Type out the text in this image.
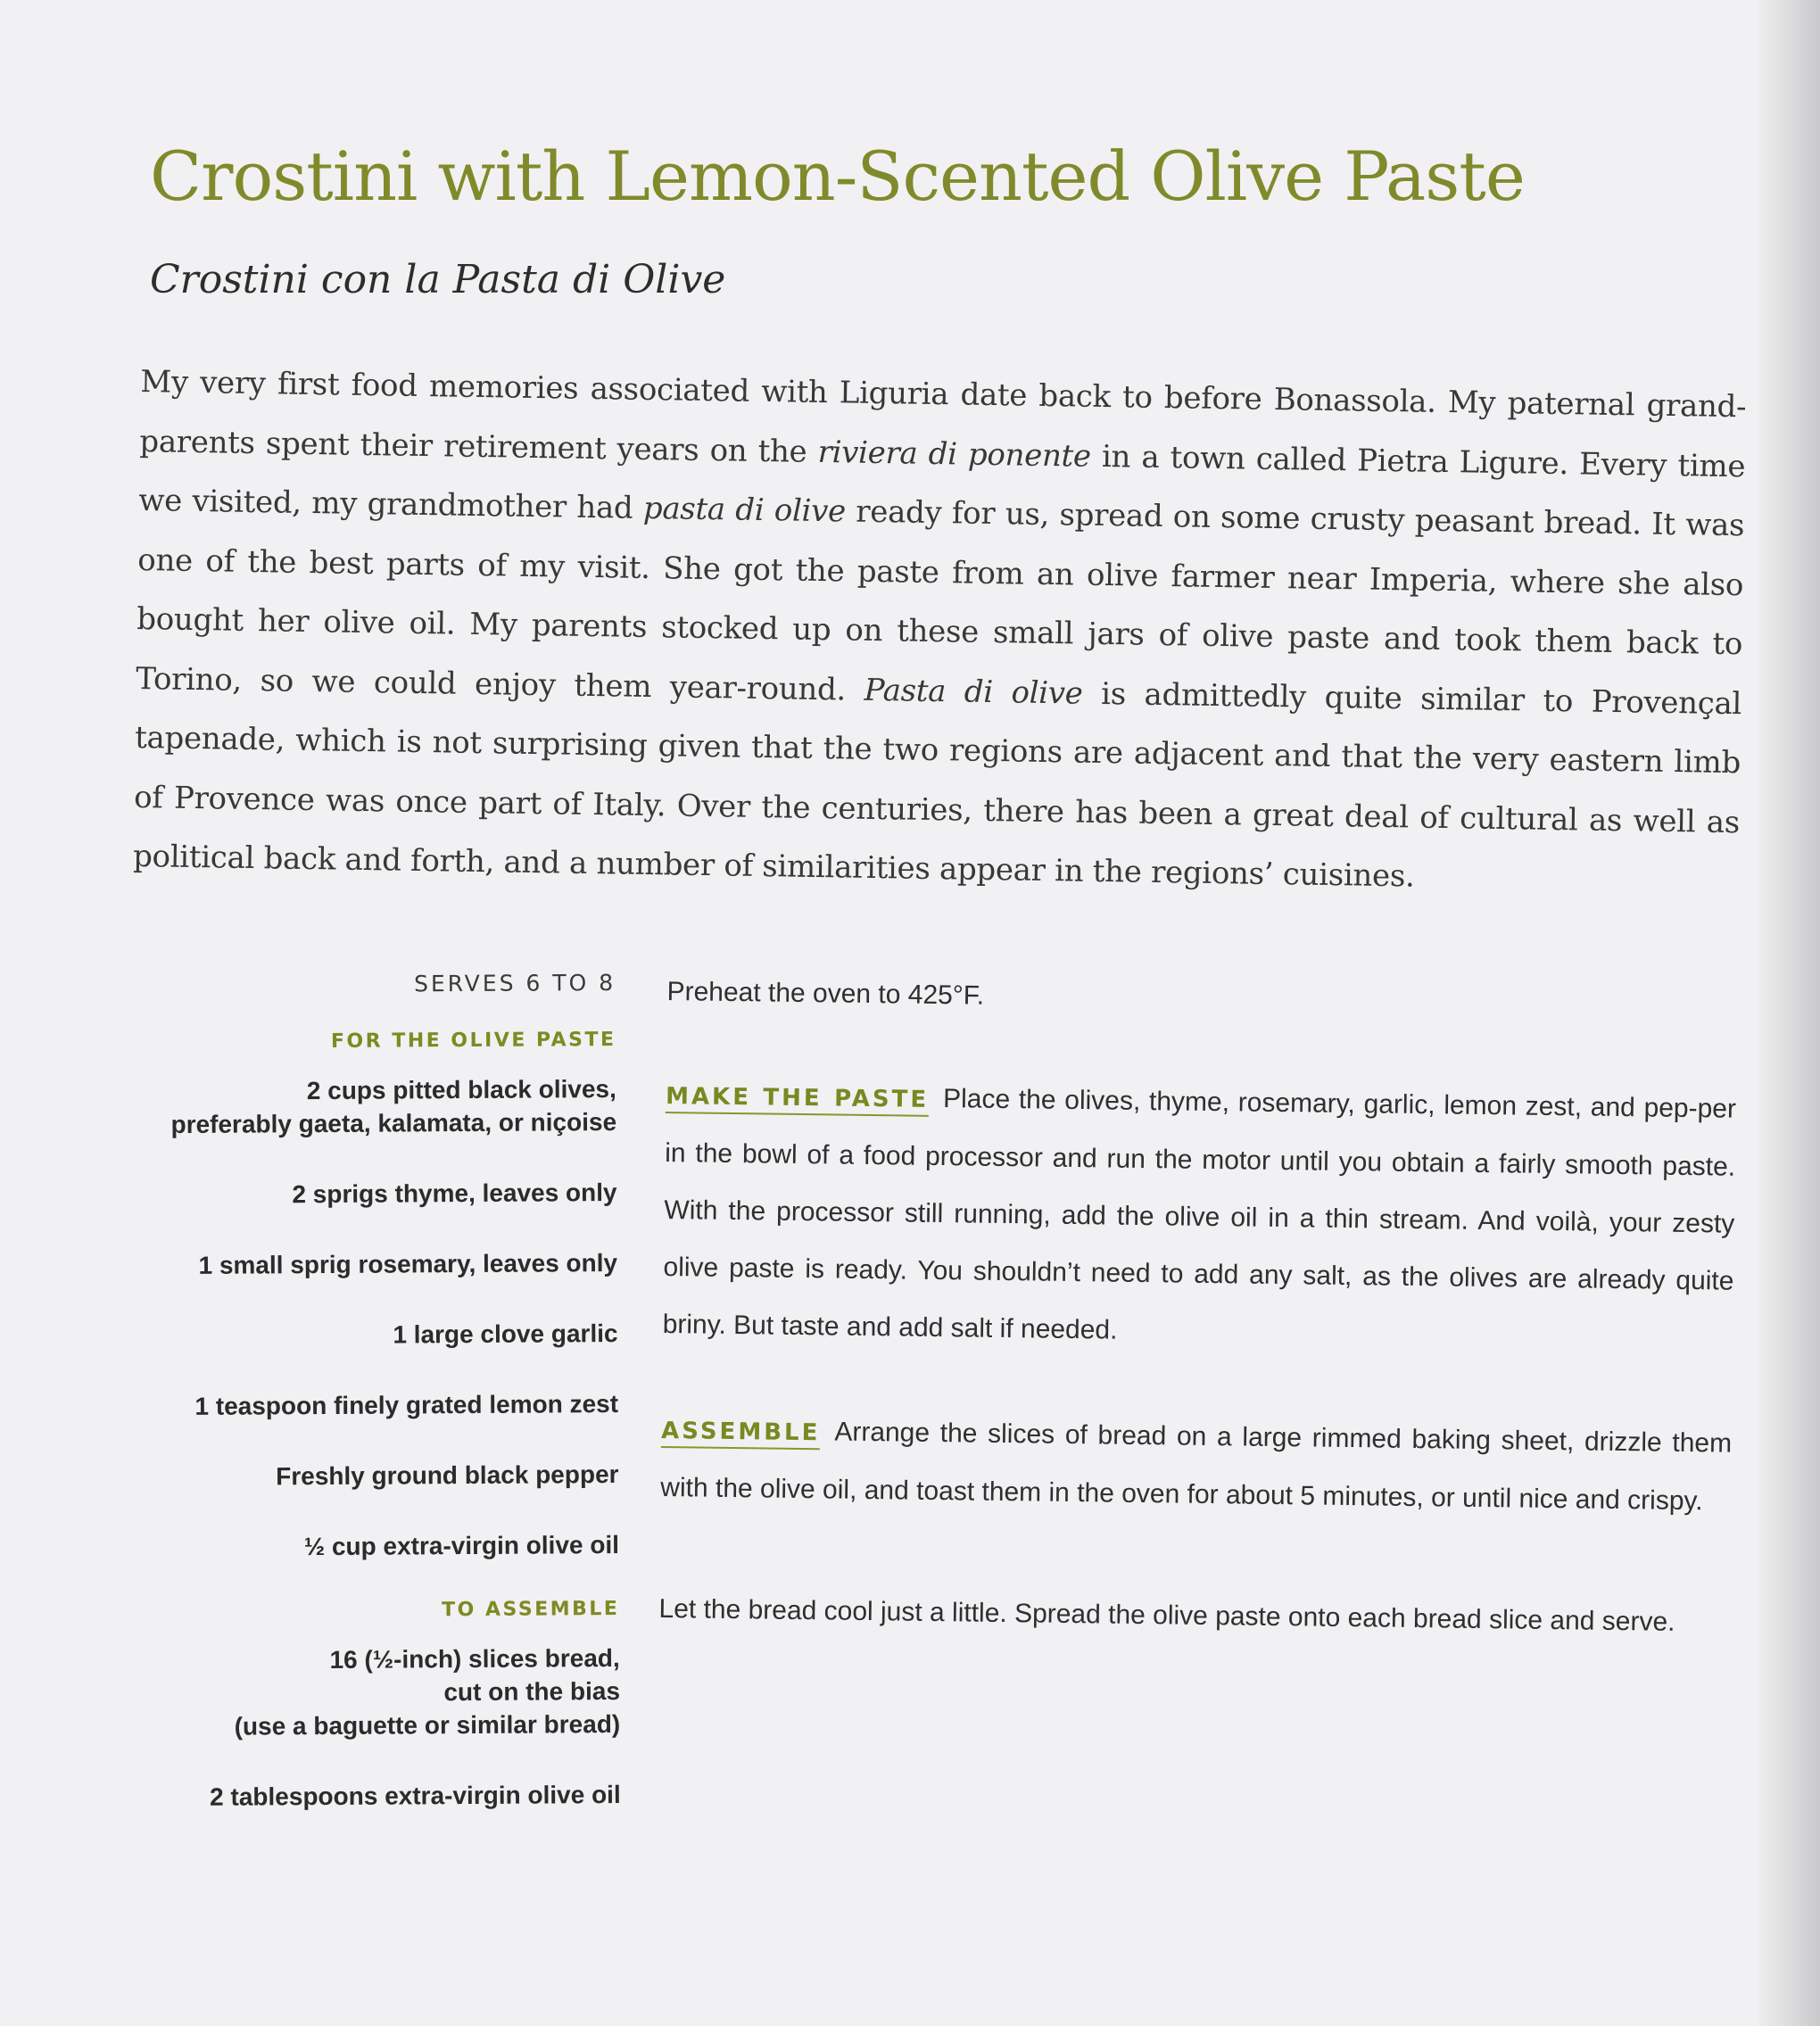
Crostini with Lemon-Scented Olive Paste
Crostini con la Pasta di Olive

My very first food memories associated with Liguria date back to before Bonassola. My paternal grand-parents spent their retirement years on the riviera di ponente in a town called Pietra Ligure. Every time we visited, my grandmother had pasta di olive ready for us, spread on some crusty peasant bread. It was one of the best parts of my visit. She got the paste from an olive farmer near Imperia, where she also bought her olive oil. My parents stocked up on these small jars of olive paste and took them back to Torino, so we could enjoy them year-round. Pasta di olive is admittedly quite similar to Provençal tapenade, which is not surprising given that the two regions are adjacent and that the very eastern limb of Provence was once part of Italy. Over the centuries, there has been a great deal of cultural as well as political back and forth, and a number of similarities appear in the regions’ cuisines.

SERVES 6 TO 8
FOR THE OLIVE PASTE
2 cups pitted black olives,
preferably gaeta, kalamata, or niçoise
2 sprigs thyme, leaves only
1 small sprig rosemary, leaves only
1 large clove garlic
1 teaspoon finely grated lemon zest
Freshly ground black pepper
½ cup extra-virgin olive oil
TO ASSEMBLE
16 (½-inch) slices bread,
cut on the bias
(use a baguette or similar bread)
2 tablespoons extra-virgin olive oil

Preheat the oven to 425°F.

MAKE THE PASTE Place the olives, thyme, rosemary, garlic, lemon zest, and pep-per in the bowl of a food processor and run the motor until you obtain a fairly smooth paste. With the processor still running, add the olive oil in a thin stream. And voilà, your zesty olive paste is ready. You shouldn’t need to add any salt, as the olives are already quite briny. But taste and add salt if needed.

ASSEMBLE Arrange the slices of bread on a large rimmed baking sheet, drizzle them with the olive oil, and toast them in the oven for about 5 minutes, or until nice and crispy.

Let the bread cool just a little. Spread the olive paste onto each bread slice and serve.
